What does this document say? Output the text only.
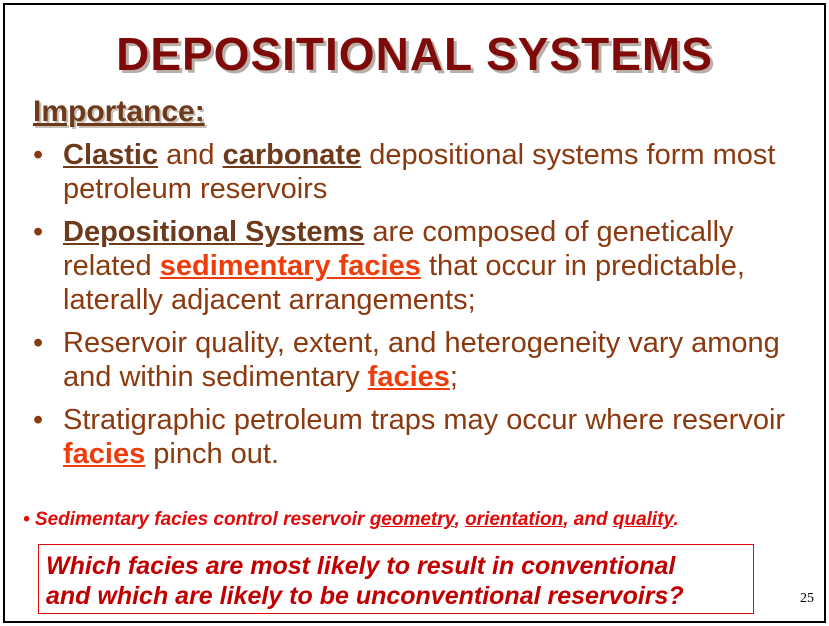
DEPOSITIONAL SYSTEMS
Importance:
• Clastic and carbonate depositional systems form most petroleum reservoirs
• Depositional Systems are composed of genetically related sedimentary facies that occur in predictable, laterally adjacent arrangements;
• Reservoir quality, extent, and heterogeneity vary among and within sedimentary facies;
• Stratigraphic petroleum traps may occur where reservoir facies pinch out.
• Sedimentary facies control reservoir geometry, orientation, and quality.
Which facies are most likely to result in conventional
and which are likely to be unconventional reservoirs?	25
